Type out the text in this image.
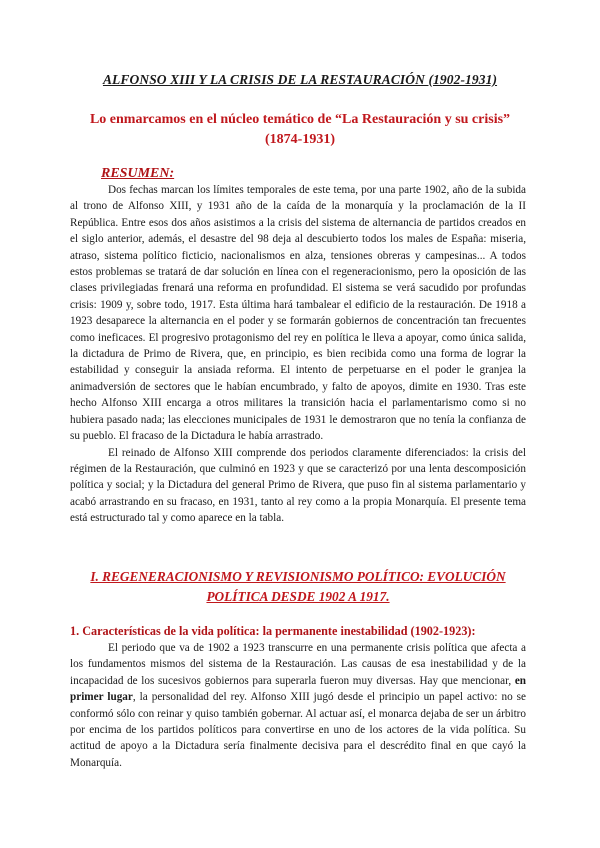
ALFONSO XIII Y LA CRISIS DE LA RESTAURACIÓN (1902-1931)
Lo enmarcamos en el núcleo temático de “La Restauración y su crisis” (1874-1931)
RESUMEN:

Dos fechas marcan los límites temporales de este tema, por una parte 1902, año de la subida al trono de Alfonso XIII, y 1931 año de la caída de la monarquía y la proclamación de la II República. Entre esos dos años asistimos a la crisis del sistema de alternancia de partidos creados en el siglo anterior, además, el desastre del 98 deja al descubierto todos los males de España: miseria, atraso, sistema político ficticio, nacionalismos en alza, tensiones obreras y campesinas... A todos estos problemas se tratará de dar solución en línea con el regeneracionismo, pero la oposición de las clases privilegiadas frenará una reforma en profundidad. El sistema se verá sacudido por profundas crisis: 1909 y, sobre todo, 1917. Esta última hará tambalear el edificio de la restauración. De 1918 a 1923 desaparece la alternancia en el poder y se formarán gobiernos de concentración tan frecuentes como ineficaces. El progresivo protagonismo del rey en política le lleva a apoyar, como única salida, la dictadura de Primo de Rivera, que, en principio, es bien recibida como una forma de lograr la estabilidad y conseguir la ansiada reforma. El intento de perpetuarse en el poder le granjea la animadversión de sectores que le habían encumbrado, y falto de apoyos, dimite en 1930. Tras este hecho Alfonso XIII encarga a otros militares la transición hacia el parlamentarismo como si no hubiera pasado nada; las elecciones municipales de 1931 le demostraron que no tenía la confianza de su pueblo. El fracaso de la Dictadura le había arrastrado.

El reinado de Alfonso XIII comprende dos periodos claramente diferenciados: la crisis del régimen de la Restauración, que culminó en 1923 y que se caracterizó por una lenta descomposición política y social; y la Dictadura del general Primo de Rivera, que puso fin al sistema parlamentario y acabó arrastrando en su fracaso, en 1931, tanto al rey como a la propia Monarquía. El presente tema está estructurado tal y como aparece en la tabla.

I. REGENERACIONISMO Y REVISIONISMO POLÍTICO: EVOLUCIÓN POLÍTICA DESDE 1902 A 1917.
1. Características de la vida política: la permanente inestabilidad (1902-1923):

El periodo que va de 1902 a 1923 transcurre en una permanente crisis política que afecta a los fundamentos mismos del sistema de la Restauración. Las causas de esa inestabilidad y de la incapacidad de los sucesivos gobiernos para superarla fueron muy diversas. Hay que mencionar, en primer lugar, la personalidad del rey. Alfonso XIII jugó desde el principio un papel activo: no se conformó sólo con reinar y quiso también gobernar. Al actuar así, el monarca dejaba de ser un árbitro por encima de los partidos políticos para convertirse en uno de los actores de la vida política. Su actitud de apoyo a la Dictadura sería finalmente decisiva para el descrédito final en que cayó la Monarquía.
